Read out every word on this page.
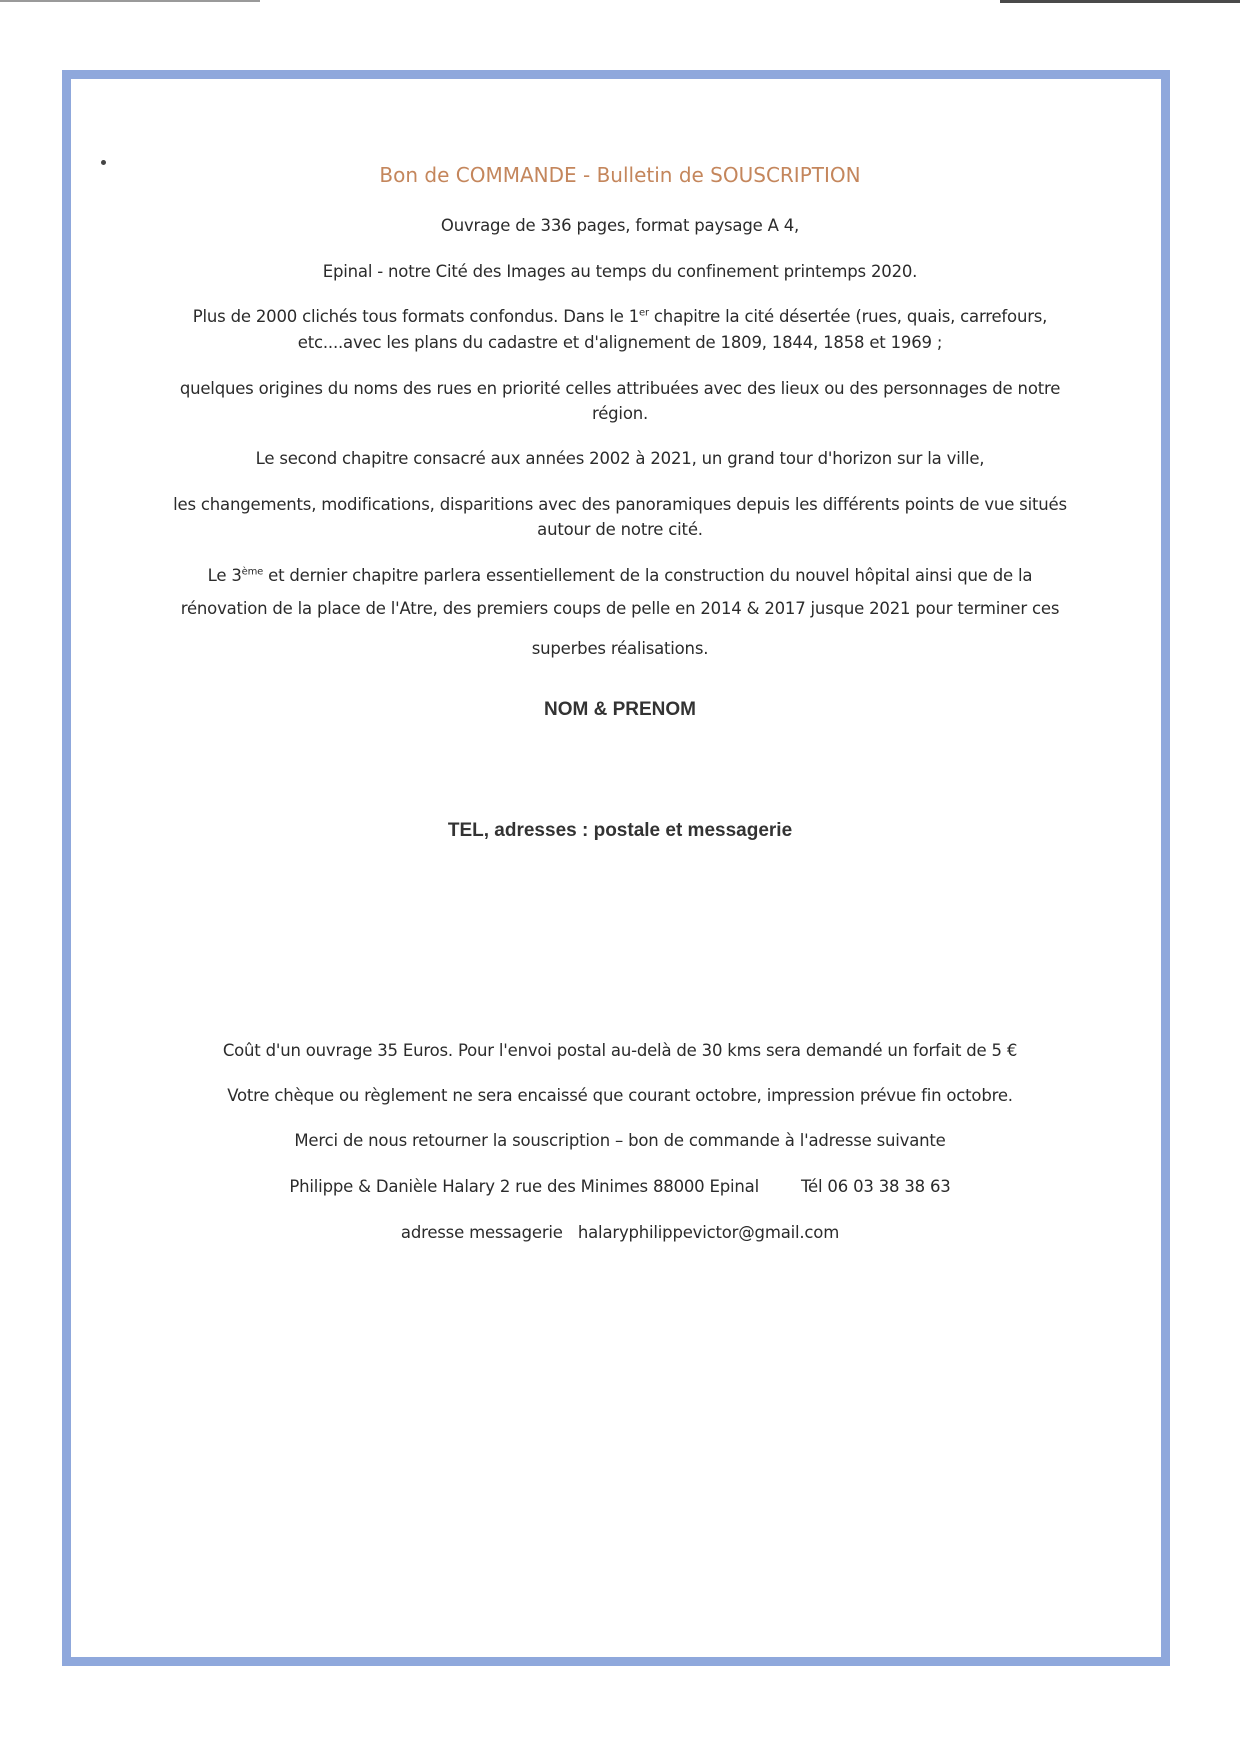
Bon de COMMANDE - Bulletin de SOUSCRIPTION
Ouvrage de 336 pages, format paysage A 4,
Epinal - notre Cité des Images au temps du confinement printemps 2020.
Plus de 2000 clichés tous formats confondus. Dans le 1er chapitre la cité désertée (rues, quais, carrefours,
etc....avec les plans du cadastre et d'alignement de 1809, 1844, 1858 et 1969 ;
quelques origines du noms des rues en priorité celles attribuées avec des lieux ou des personnages de notre
région.
Le second chapitre consacré aux années 2002 à 2021, un grand tour d'horizon sur la ville,
les changements, modifications, disparitions avec des panoramiques depuis les différents points de vue situés
autour de notre cité.
Le 3ème et dernier chapitre parlera essentiellement de la construction du nouvel hôpital ainsi que de la
rénovation de la place de l'Atre, des premiers coups de pelle en 2014 & 2017 jusque 2021 pour terminer ces
superbes réalisations.
NOM & PRENOM
TEL, adresses : postale et messagerie
Coût d'un ouvrage 35 Euros. Pour l'envoi postal au-delà de 30 kms sera demandé un forfait de 5 €
Votre chèque ou règlement ne sera encaissé que courant octobre, impression prévue fin octobre.
Merci de nous retourner la souscription – bon de commande à l'adresse suivante
Philippe & Danièle Halary 2 rue des Minimes 88000 Epinal	Tél 06 03 38 38 63
adresse messagerie halaryphilippevictor@gmail.com
